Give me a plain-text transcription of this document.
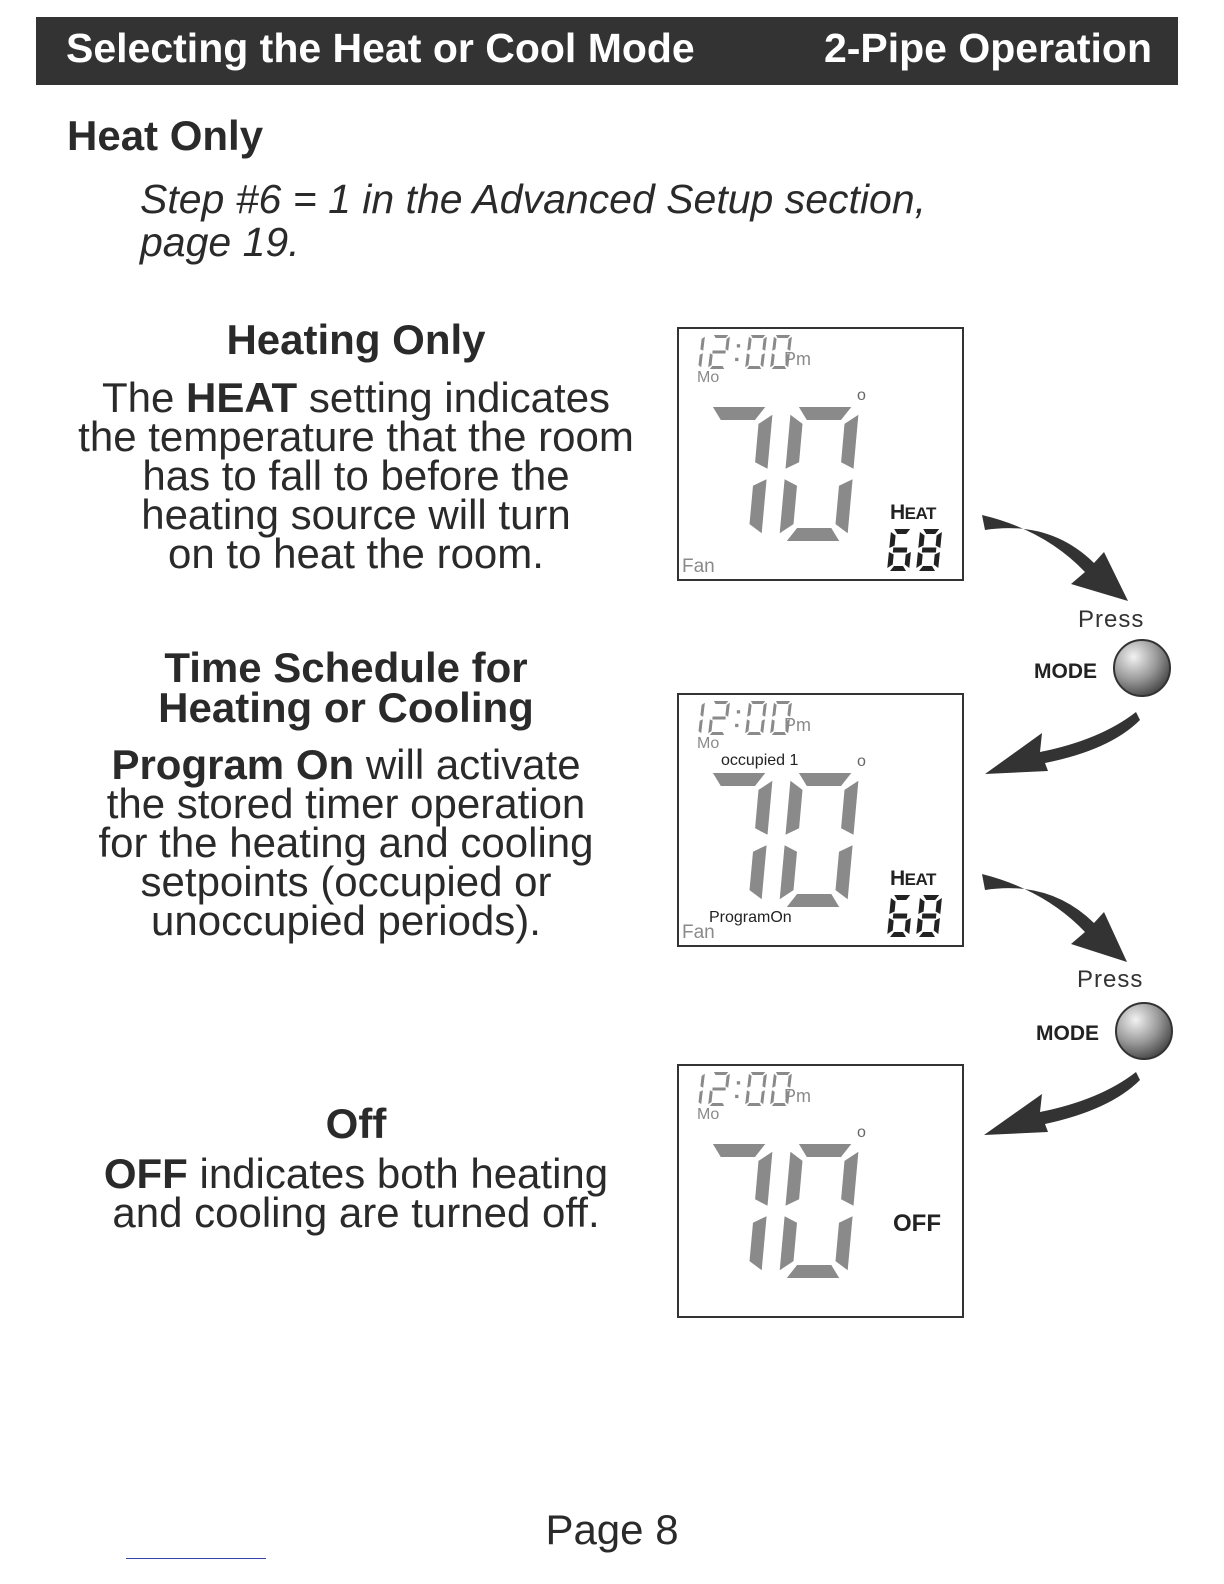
Selecting the Heat or Cool Mode	2-Pipe Operation
Heat Only
Step #6 = 1 in the Advanced Setup section,
page 19.
Heating Only
The HEAT setting indicates
the temperature that the room
has to fall to before the
heating source will turn
on to heat the room.
Time Schedule for
Heating or Cooling
Program On will activate
the stored timer operation
for the heating and cooling
setpoints (occupied or
unoccupied periods).
Off
OFF indicates both heating
and cooling are turned off.
Pm
Mo
o
Fan
HEAT
Pm
Mo
o
Fan
occupied 1
ProgramOn
HEAT
Pm
Mo
o
OFF
Press
MODE
Press
MODE
Page 8
